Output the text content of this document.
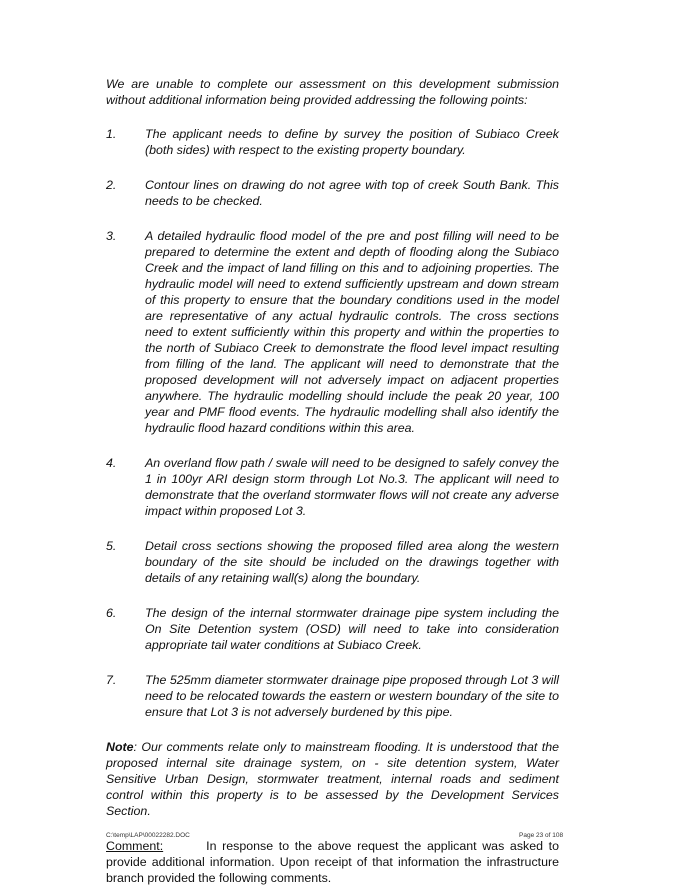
We are unable to complete our assessment on this development submission without additional information being provided addressing the following points:

1.	The applicant needs to define by survey the position of Subiaco Creek (both sides) with respect to the existing property boundary.

2.	Contour lines on drawing do not agree with top of creek South Bank. This needs to be checked.

3.	A detailed hydraulic flood model of the pre and post filling will need to be prepared to determine the extent and depth of flooding along the Subiaco Creek and the impact of land filling on this and to adjoining properties. The hydraulic model will need to extend sufficiently upstream and down stream of this property to ensure that the boundary conditions used in the model are representative of any actual hydraulic controls. The cross sections need to extent sufficiently within this property and within the properties to the north of Subiaco Creek to demonstrate the flood level impact resulting from filling of the land. The applicant will need to demonstrate that the proposed development will not adversely impact on adjacent properties anywhere. The hydraulic modelling should include the peak 20 year, 100 year and PMF flood events. The hydraulic modelling shall also identify the hydraulic flood hazard conditions within this area.

4.	An overland flow path / swale will need to be designed to safely convey the 1 in 100yr ARI design storm through Lot No.3. The applicant will need to demonstrate that the overland stormwater flows will not create any adverse impact within proposed Lot 3.

5.	Detail cross sections showing the proposed filled area along the western boundary of the site should be included on the drawings together with details of any retaining wall(s) along the boundary.

6.	The design of the internal stormwater drainage pipe system including the On Site Detention system (OSD) will need to take into consideration appropriate tail water conditions at Subiaco Creek.

7.	The 525mm diameter stormwater drainage pipe proposed through Lot 3 will need to be relocated towards the eastern or western boundary of the site to ensure that Lot 3 is not adversely burdened by this pipe.

Note: Our comments relate only to mainstream flooding. It is understood that the proposed internal site drainage system, on - site detention system, Water Sensitive Urban Design, stormwater treatment, internal roads and sediment control within this property is to be assessed by the Development Services Section.

Comment:	In response to the above request the applicant was asked to provide additional information. Upon receipt of that information the infrastructure branch provided the following comments.

C:\temp\LAP\00022282.DOC	Page 23 of 108
